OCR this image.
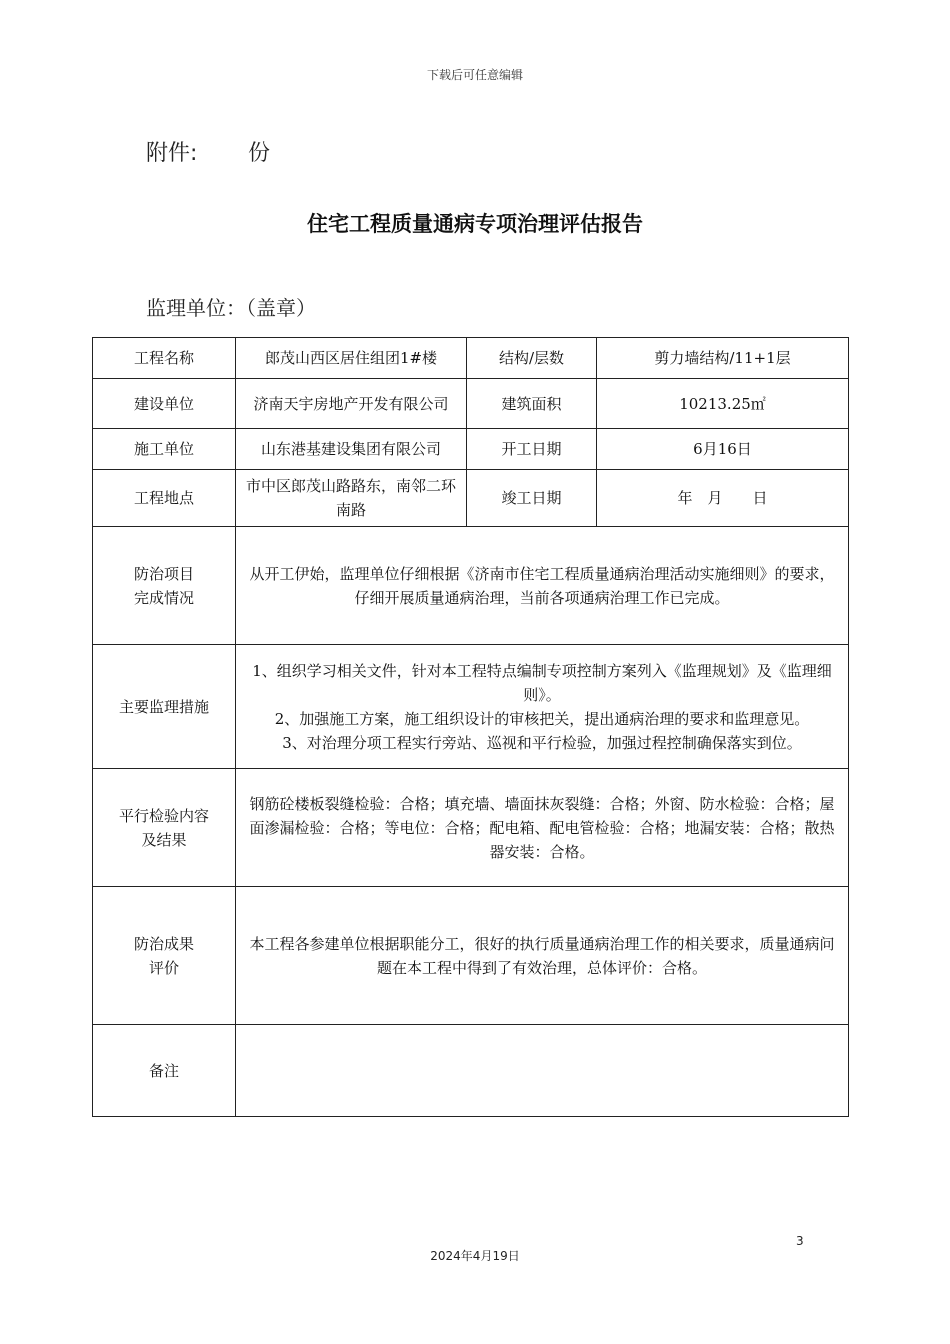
下载后可任意编辑
附件: 份
住宅工程质量通病专项治理评估报告
监理单位：（盖章）
工程名称	郎茂山西区居住组团1#楼	结构/层数	剪力墙结构/11+1层
建设单位	济南天宇房地产开发有限公司	建筑面积	10213.25㎡
施工单位	山东港基建设集团有限公司	开工日期	6月16日
工程地点	市中区郎茂山路路东，南邻二环南路	竣工日期	年　月　　日

防治项目
完成情况	从开工伊始，监理单位仔细根据《济南市住宅工程质量通病治理活动实施细则》的要求，仔细开展质量通病治理，当前各项通病治理工作已完成。		
主要监理措施	1、组织学习相关文件，针对本工程特点编制专项控制方案列入《监理规划》及《监理细则》。
2、加强施工方案，施工组织设计的审核把关，提出通病治理的要求和监理意见。
3、对治理分项工程实行旁站、巡视和平行检验，加强过程控制确保落实到位。		

平行检验内容
及结果	钢筋砼楼板裂缝检验：合格；填充墙、墙面抹灰裂缝：合格；外窗、防水检验：合格；屋面渗漏检验：合格；等电位：合格；配电箱、配电管检验：合格；地漏安装：合格；散热器安装：合格。		

防治成果
评价	本工程各参建单位根据职能分工，很好的执行质量通病治理工作的相关要求，质量通病问题在本工程中得到了有效治理，总体评价：合格。		
备注			
3
2024年4月19日
